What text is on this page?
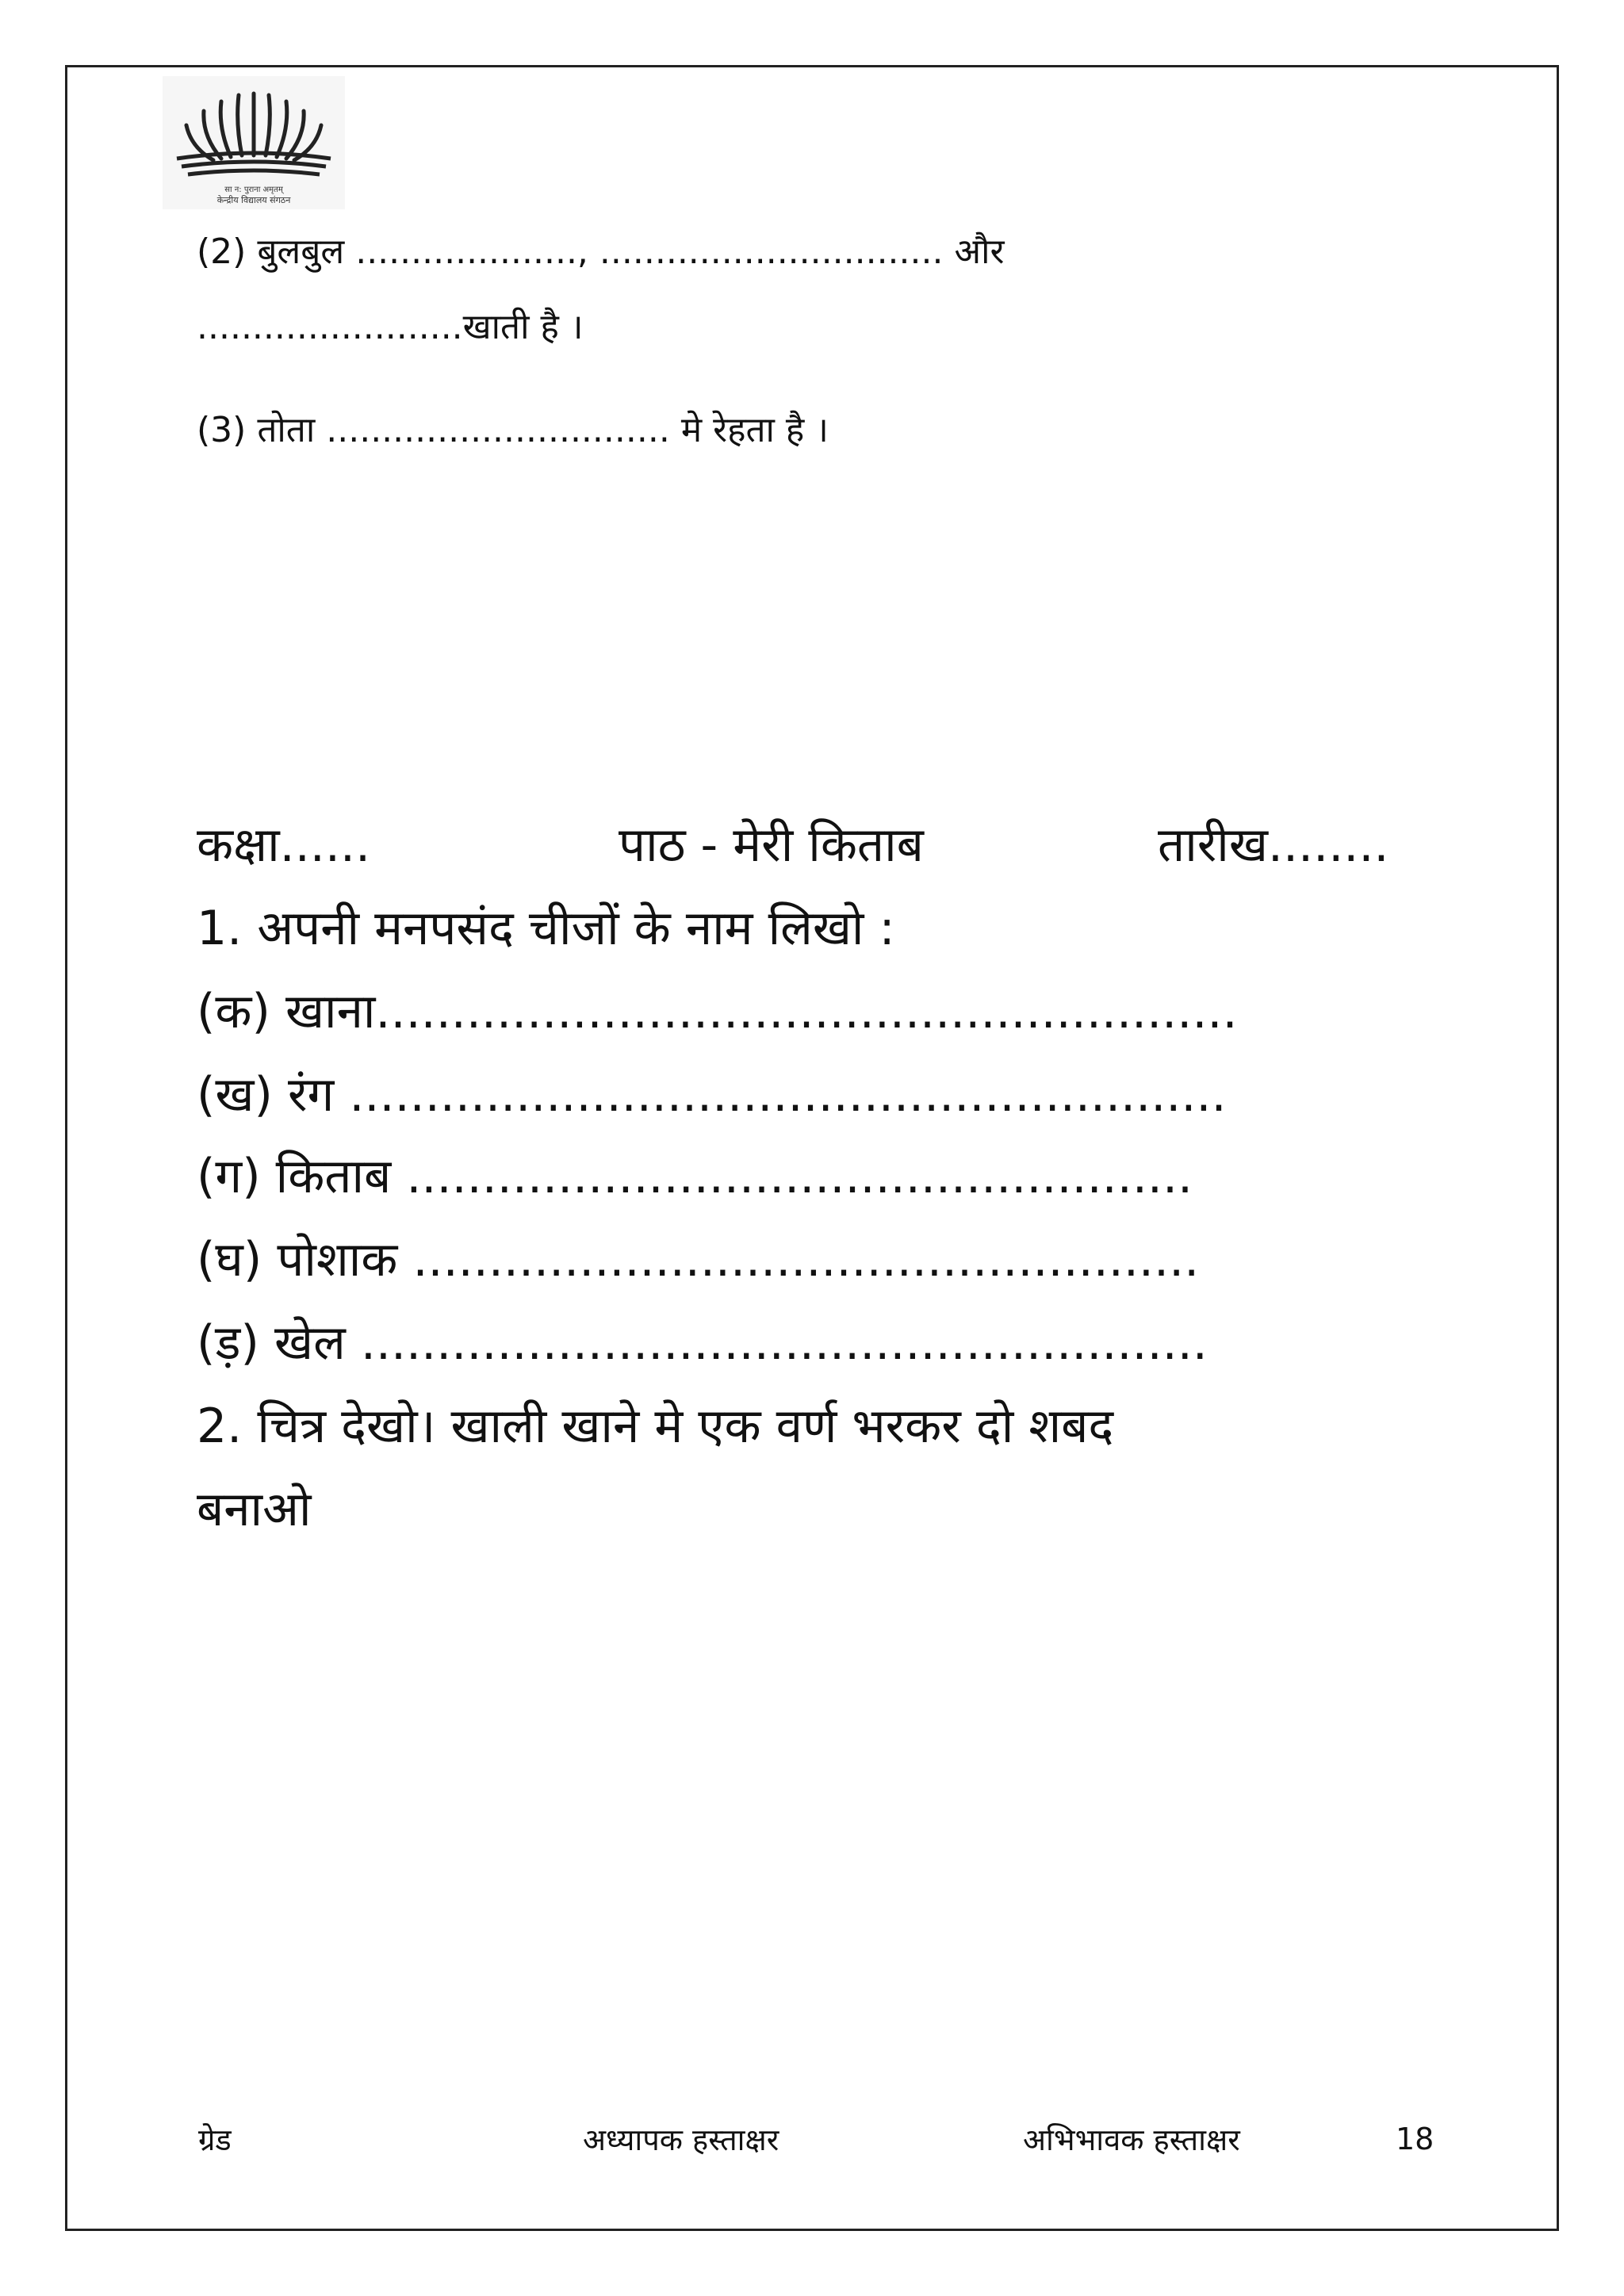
सा न: पुराना अमृतम्
केन्द्रीय विद्यालय संगठन
(2) बुलबुल ...................., ............................... और
........................खाती है ।
(3) तोता ............................... मे रेहता है ।
कक्षा......	पाठ - मेरी किताब	तारीख........
1. अपनी मनपसंद चीजों के नाम लिखो :
(क) खाना.........................................................
(ख) रंग ..........................................................
(ग) किताब ....................................................
(घ) पोशाक ....................................................
(ड़) खेल ........................................................
2. चित्र देखो। खाली खाने मे एक वर्ण भरकर दो शबद
बनाओ
ग्रेड	अध्यापक हस्ताक्षर	अभिभावक हस्ताक्षर	18
